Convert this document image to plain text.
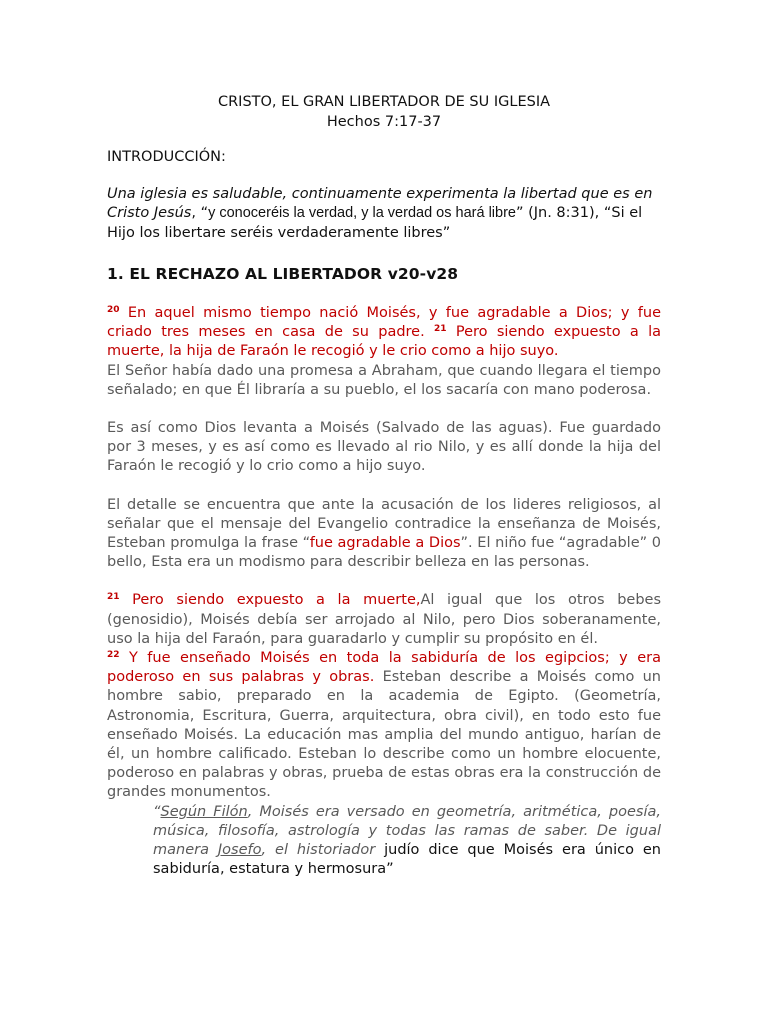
CRISTO, EL GRAN LIBERTADOR DE SU IGLESIA
Hechos 7:17-37

INTRODUCCIÓN:

Una iglesia es saludable, continuamente experimenta la libertad que es en Cristo Jesús, “y conoceréis la verdad, y la verdad os hará libre” (Jn. 8:31), “Si el Hijo los libertare seréis verdaderamente libres”

1. EL RECHAZO AL LIBERTADOR v20-v28

$^{20}$ En aquel mismo tiempo nació Moisés, y fue agradable a Dios; y fue criado tres meses en casa de su padre. $^{21}$ Pero siendo expuesto a la muerte, la hija de Faraón le recogió y le crio como a hijo suyo.

El Señor había dado una promesa a Abraham, que cuando llegara el tiempo señalado; en que Él libraría a su pueblo, el los sacaría con mano poderosa.

Es así como Dios levanta a Moisés (Salvado de las aguas). Fue guardado por 3 meses, y es así como es llevado al rio Nilo, y es allí donde la hija del Faraón le recogió y lo crio como a hijo suyo.

El detalle se encuentra que ante la acusación de los lideres religiosos, al señalar que el mensaje del Evangelio contradice la enseñanza de Moisés, Esteban promulga la frase “fue agradable a Dios”. El niño fue “agradable” 0 bello, Esta era un modismo para describir belleza en las personas.

$^{21}$ Pero siendo expuesto a la muerte,Al igual que los otros bebes (genosidio), Moisés debía ser arrojado al Nilo, pero Dios soberanamente, uso la hija del Faraón, para guaradarlo y cumplir su propósito en él.

$^{22}$ Y fue enseñado Moisés en toda la sabiduría de los egipcios; y era poderoso en sus palabras y obras. Esteban describe a Moisés como un hombre sabio, preparado en la academia de Egipto. (Geometría, Astronomia, Escritura, Guerra, arquitectura, obra civil), en todo esto fue enseñado Moisés. La educación mas amplia del mundo antiguo, harían de él, un hombre calificado. Esteban lo describe como un hombre elocuente, poderoso en palabras y obras, prueba de estas obras era la construcción de grandes monumentos.

“Según Filón, Moisés era versado en geometría, aritmética, poesía, música, filosofía, astrología y todas las ramas de saber. De igual manera Josefo, el historiador judío dice que Moisés era único en sabiduría, estatura y hermosura”
